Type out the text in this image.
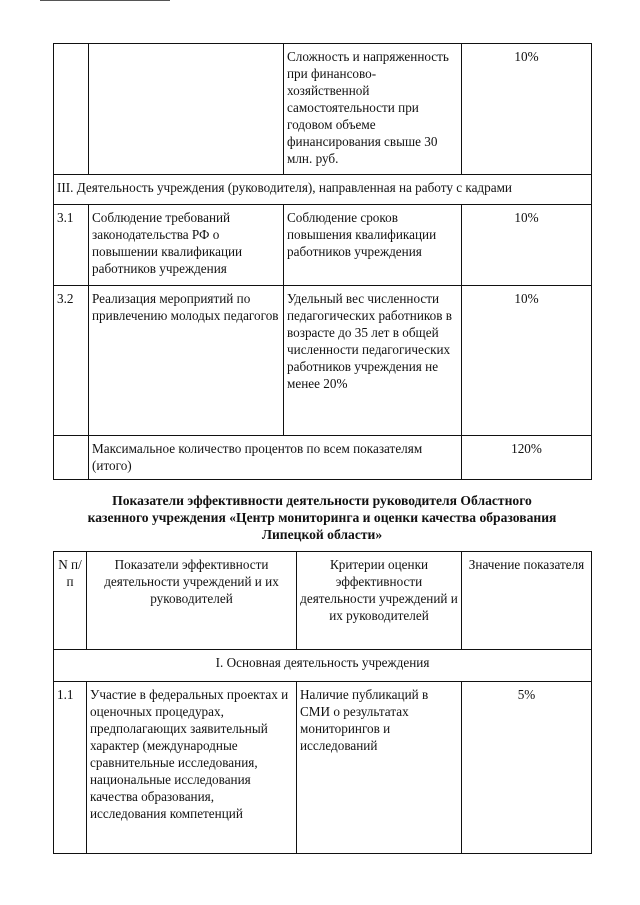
		Сложность и напряженность при финансово-хозяйственной самостоятельности при годовом объеме финансирования свыше 30 млн. руб.	10%
III. Деятельность учреждения (руководителя), направленная на работу с кадрами			
3.1	Соблюдение требований законодательства РФ о повышении квалификации работников учреждения	Соблюдение сроков повышения квалификации работников учреждения	10%
3.2	Реализация мероприятий по привлечению молодых педагогов	Удельный вес численности педагогических работников в возрасте до 35 лет в общей численности педагогических работников учреждения не менее 20%	10%
	Максимальное количество процентов по всем показателям (итого)		120%
Показатели эффективности деятельности руководителя Областного
казенного учреждения «Центр мониторинга и оценки качества образования
Липецкой области»
N п/п	Показатели эффективности деятельности учреждений и их руководителей	Критерии оценки эффективности деятельности учреждений и их руководителей	Значение показателя
I. Основная деятельность учреждения			
1.1	Участие в федеральных проектах и оценочных процедурах, предполагающих заявительный характер (международные сравнительные исследования, национальные исследования качества образования, исследования компетенций	Наличие публикаций в СМИ о результатах мониторингов и исследований	5%
